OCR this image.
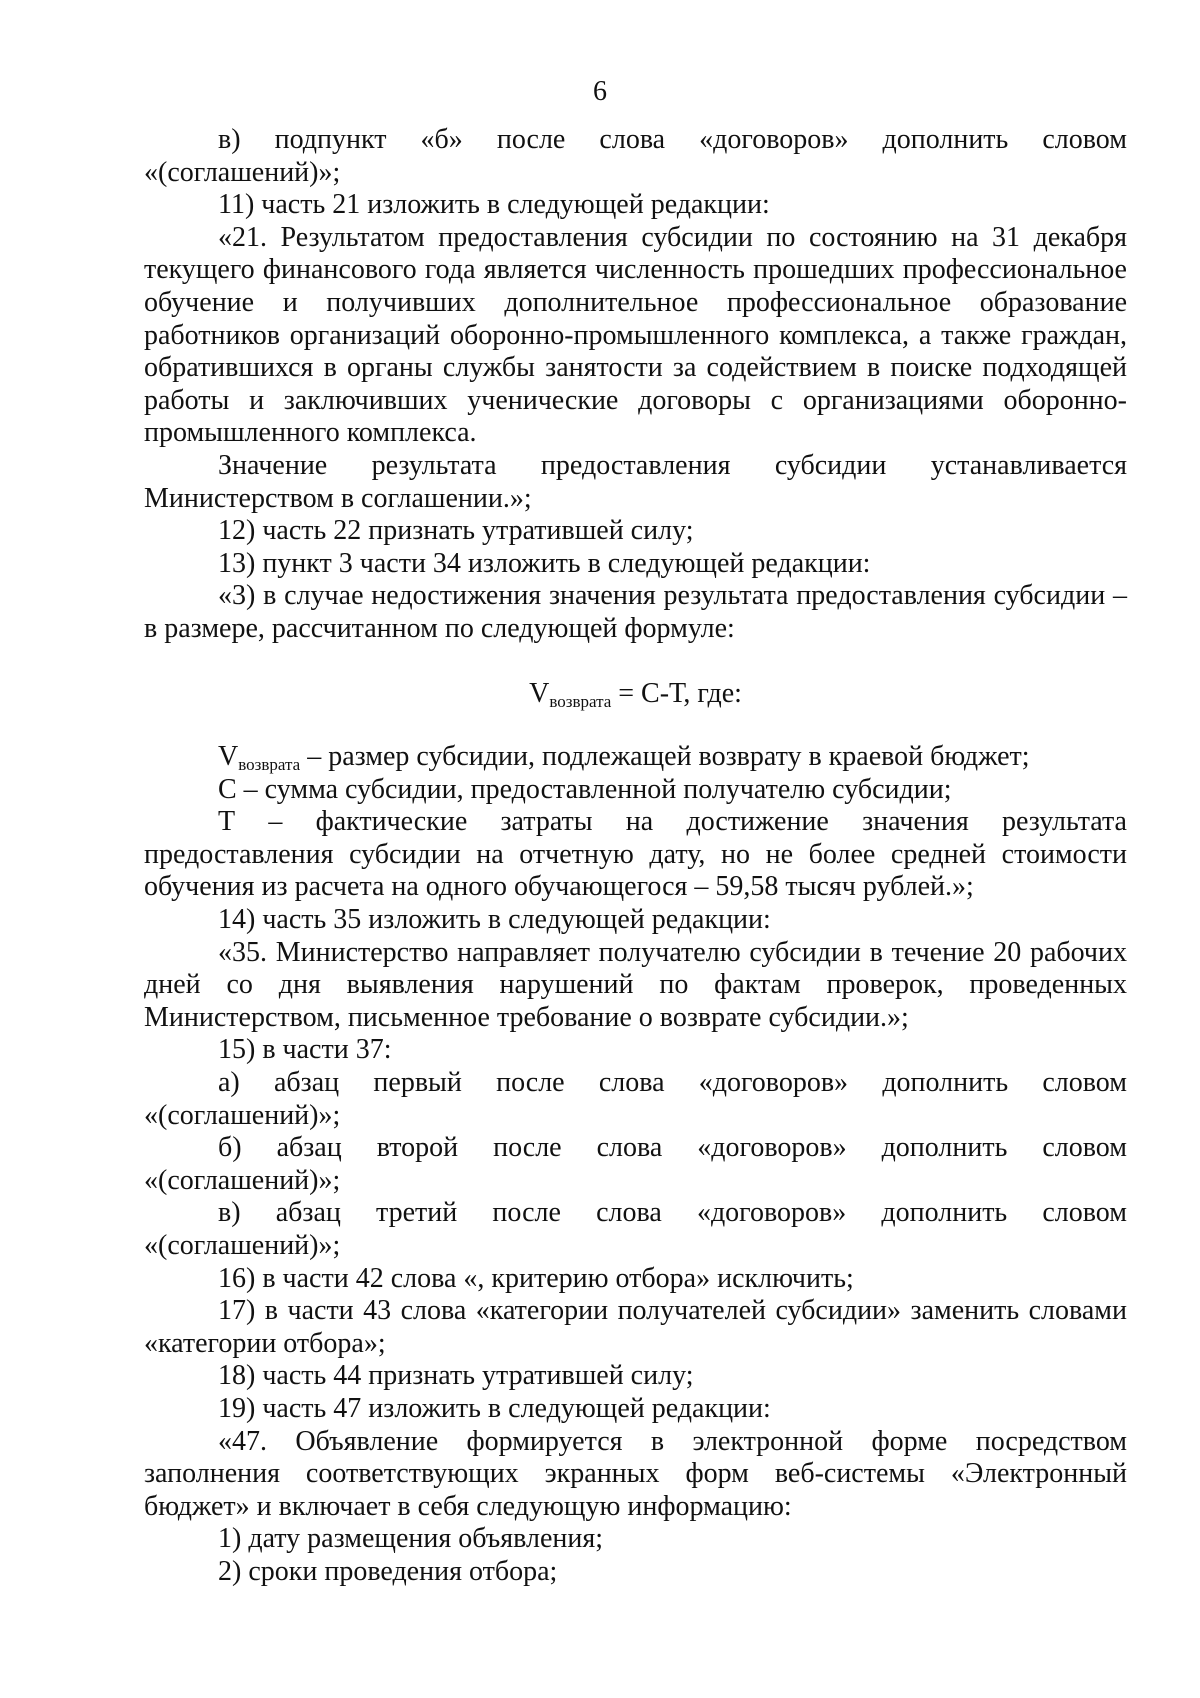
6

в) подпункт «б» после слова «договоров» дополнить словом «(соглашений)»;

11) часть 21 изложить в следующей редакции:

«21. Результатом предоставления субсидии по состоянию на 31 декабря текущего финансового года является численность прошедших профессиональное обучение и получивших дополнительное профессиональное образование работников организаций оборонно-промышленного комплекса, а также граждан, обратившихся в органы службы занятости за содействием в поиске подходящей работы и заключивших ученические договоры с организациями оборонно-промышленного комплекса.

Значение результата предоставления субсидии устанавливается Министерством в соглашении.»;

12) часть 22 признать утратившей силу;

13) пункт 3 части 34 изложить в следующей редакции:

«3) в случае недостижения значения результата предоставления субсидии – в размере, рассчитанном по следующей формуле:

$V_{возврата} = С-Т$, где:

$V_{возврата}$ – размер субсидии, подлежащей возврату в краевой бюджет;

С – сумма субсидии, предоставленной получателю субсидии;

Т – фактические затраты на достижение значения результата предоставления субсидии на отчетную дату, но не более средней стоимости обучения из расчета на одного обучающегося – 59,58 тысяч рублей.»;

14) часть 35 изложить в следующей редакции:

«35. Министерство направляет получателю субсидии в течение 20 рабочих дней со дня выявления нарушений по фактам проверок, проведенных Министерством, письменное требование о возврате субсидии.»;

15) в части 37:

а) абзац первый после слова «договоров» дополнить словом «(соглашений)»;

б) абзац второй после слова «договоров» дополнить словом «(соглашений)»;

в) абзац третий после слова «договоров» дополнить словом «(соглашений)»;

16) в части 42 слова «, критерию отбора» исключить;

17) в части 43 слова «категории получателей субсидии» заменить словами «категории отбора»;

18) часть 44 признать утратившей силу;

19) часть 47 изложить в следующей редакции:

«47. Объявление формируется в электронной форме посредством заполнения соответствующих экранных форм веб-системы «Электронный бюджет» и включает в себя следующую информацию:

1) дату размещения объявления;

2) сроки проведения отбора;
